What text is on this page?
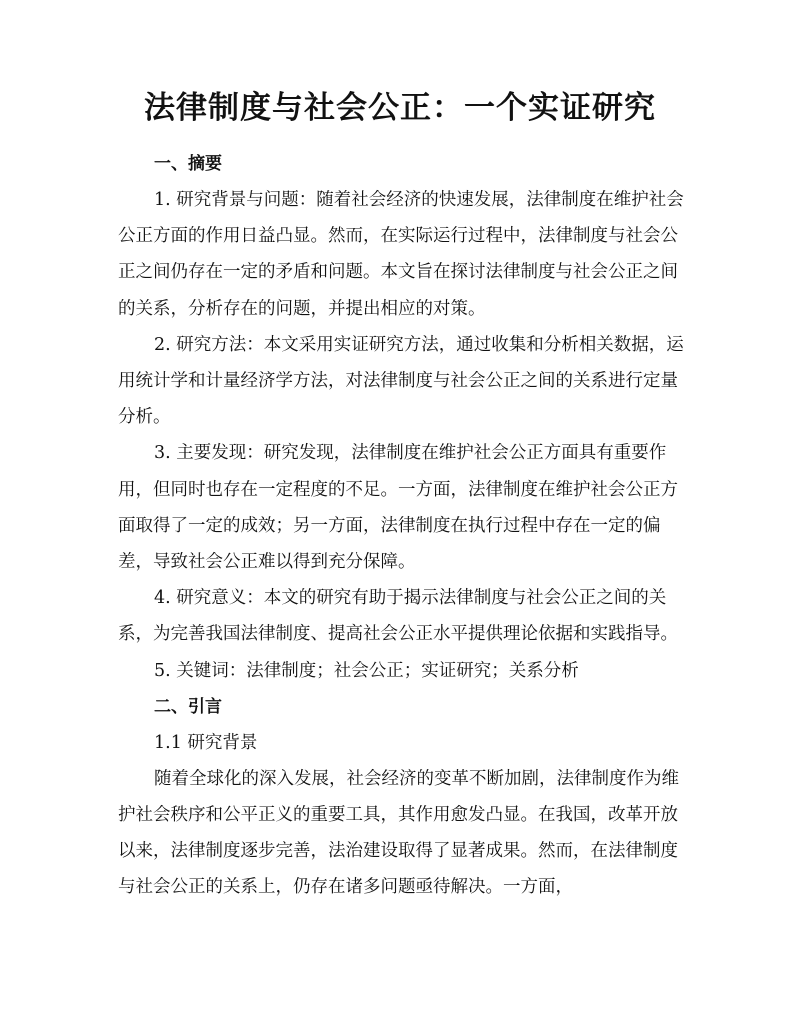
法律制度与社会公正：一个实证研究

一、摘要

1. 研究背景与问题：随着社会经济的快速发展，法律制度在维护社会公正方面的作用日益凸显。然而，在实际运行过程中，法律制度与社会公正之间仍存在一定的矛盾和问题。本文旨在探讨法律制度与社会公正之间的关系，分析存在的问题，并提出相应的对策。

2. 研究方法：本文采用实证研究方法，通过收集和分析相关数据，运用统计学和计量经济学方法，对法律制度与社会公正之间的关系进行定量分析。

3. 主要发现：研究发现，法律制度在维护社会公正方面具有重要作用，但同时也存在一定程度的不足。一方面，法律制度在维护社会公正方面取得了一定的成效；另一方面，法律制度在执行过程中存在一定的偏差，导致社会公正难以得到充分保障。

4. 研究意义：本文的研究有助于揭示法律制度与社会公正之间的关系，为完善我国法律制度、提高社会公正水平提供理论依据和实践指导。

5. 关键词：法律制度；社会公正；实证研究；关系分析

二、引言

1.1 研究背景

随着全球化的深入发展，社会经济的变革不断加剧，法律制度作为维护社会秩序和公平正义的重要工具，其作用愈发凸显。在我国，改革开放以来，法律制度逐步完善，法治建设取得了显著成果。然而，在法律制度与社会公正的关系上，仍存在诸多问题亟待解决。一方面，
